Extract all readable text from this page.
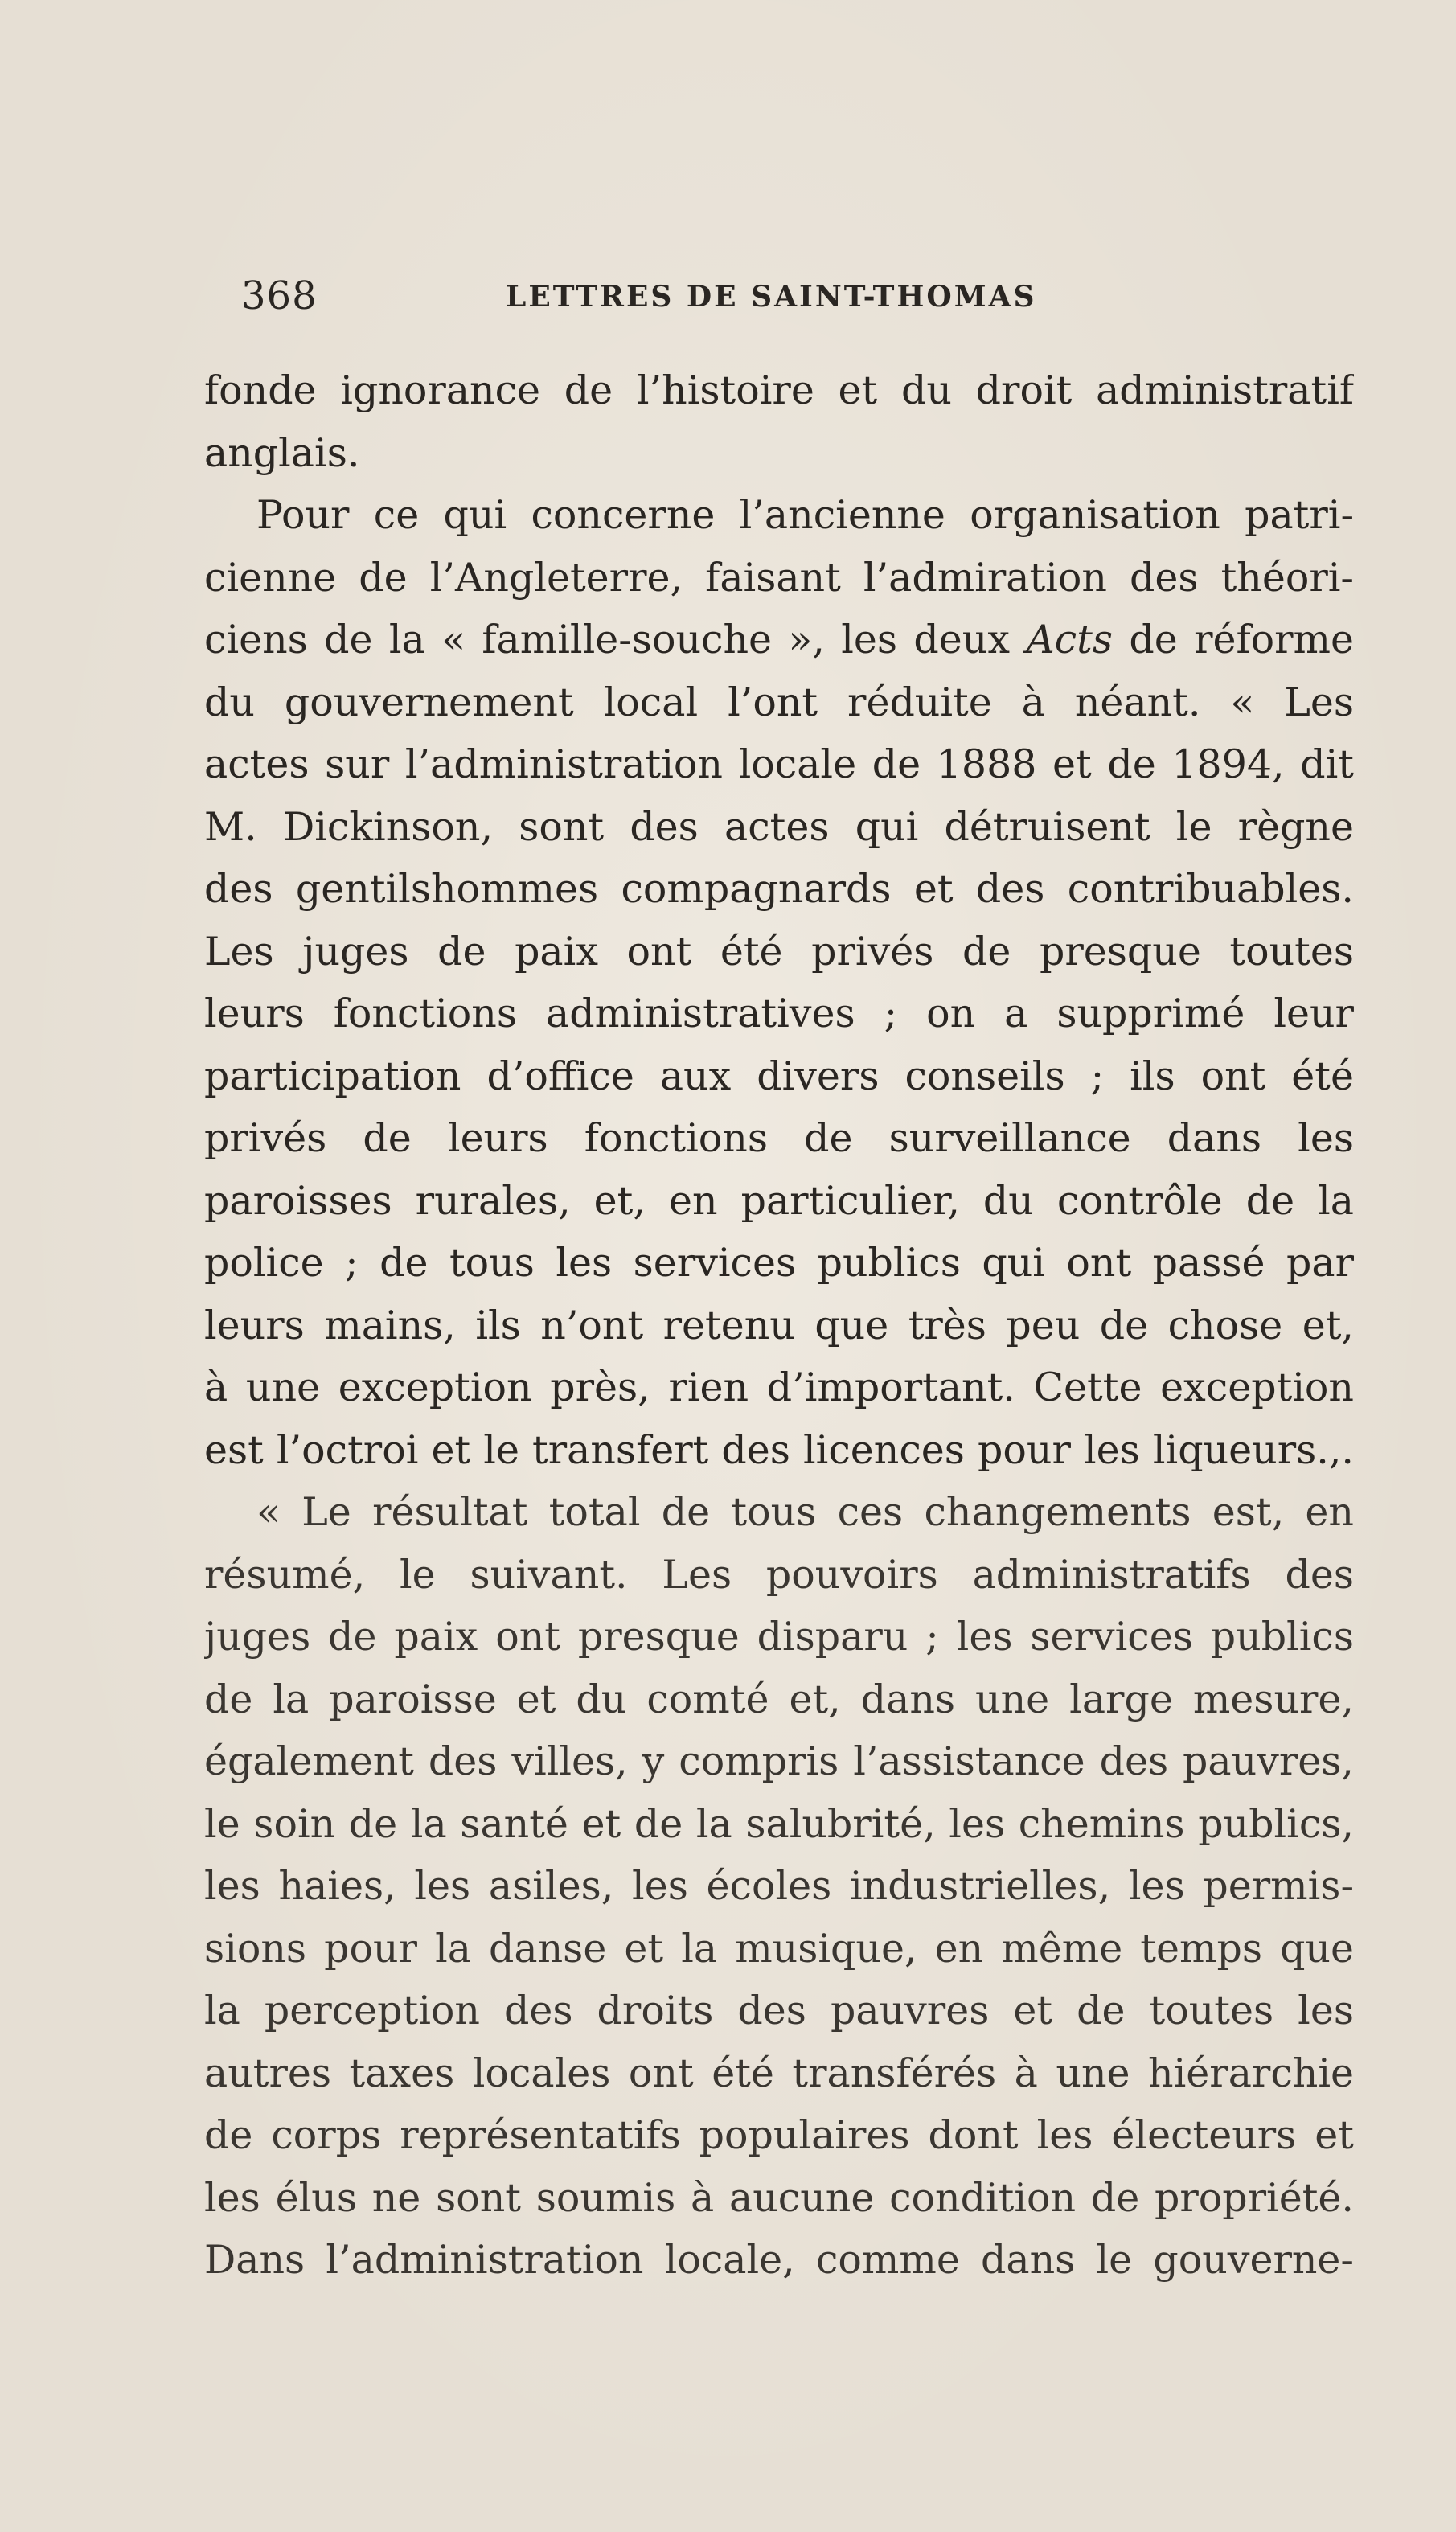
368	LETTRES DE SAINT-THOMAS
fonde ignorance de l’histoire et du droit administratif
anglais.
Pour ce qui concerne l’ancienne organisation patri-
cienne de l’Angleterre, faisant l’admiration des théori-
ciens de la « famille-souche », les deux Acts de réforme
du gouvernement local l’ont réduite à néant. « Les
actes sur l’administration locale de 1888 et de 1894, dit
M. Dickinson, sont des actes qui détruisent le règne
des gentilshommes compagnards et des contribuables.
Les juges de paix ont été privés de presque toutes
leurs fonctions administratives ; on a supprimé leur
participation d’office aux divers conseils ; ils ont été
privés de leurs fonctions de surveillance dans les
paroisses rurales, et, en particulier, du contrôle de la
police ; de tous les services publics qui ont passé par
leurs mains, ils n’ont retenu que très peu de chose et,
à une exception près, rien d’important. Cette exception
est l’octroi et le transfert des licences pour les liqueurs.,.
« Le résultat total de tous ces changements est, en
résumé, le suivant. Les pouvoirs administratifs des
juges de paix ont presque disparu ; les services publics
de la paroisse et du comté et, dans une large mesure,
également des villes, y compris l’assistance des pauvres,
le soin de la santé et de la salubrité, les chemins publics,
les haies, les asiles, les écoles industrielles, les permis-
sions pour la danse et la musique, en même temps que
la perception des droits des pauvres et de toutes les
autres taxes locales ont été transférés à une hiérarchie
de corps représentatifs populaires dont les électeurs et
les élus ne sont soumis à aucune condition de propriété.
Dans l’administration locale, comme dans le gouverne-
